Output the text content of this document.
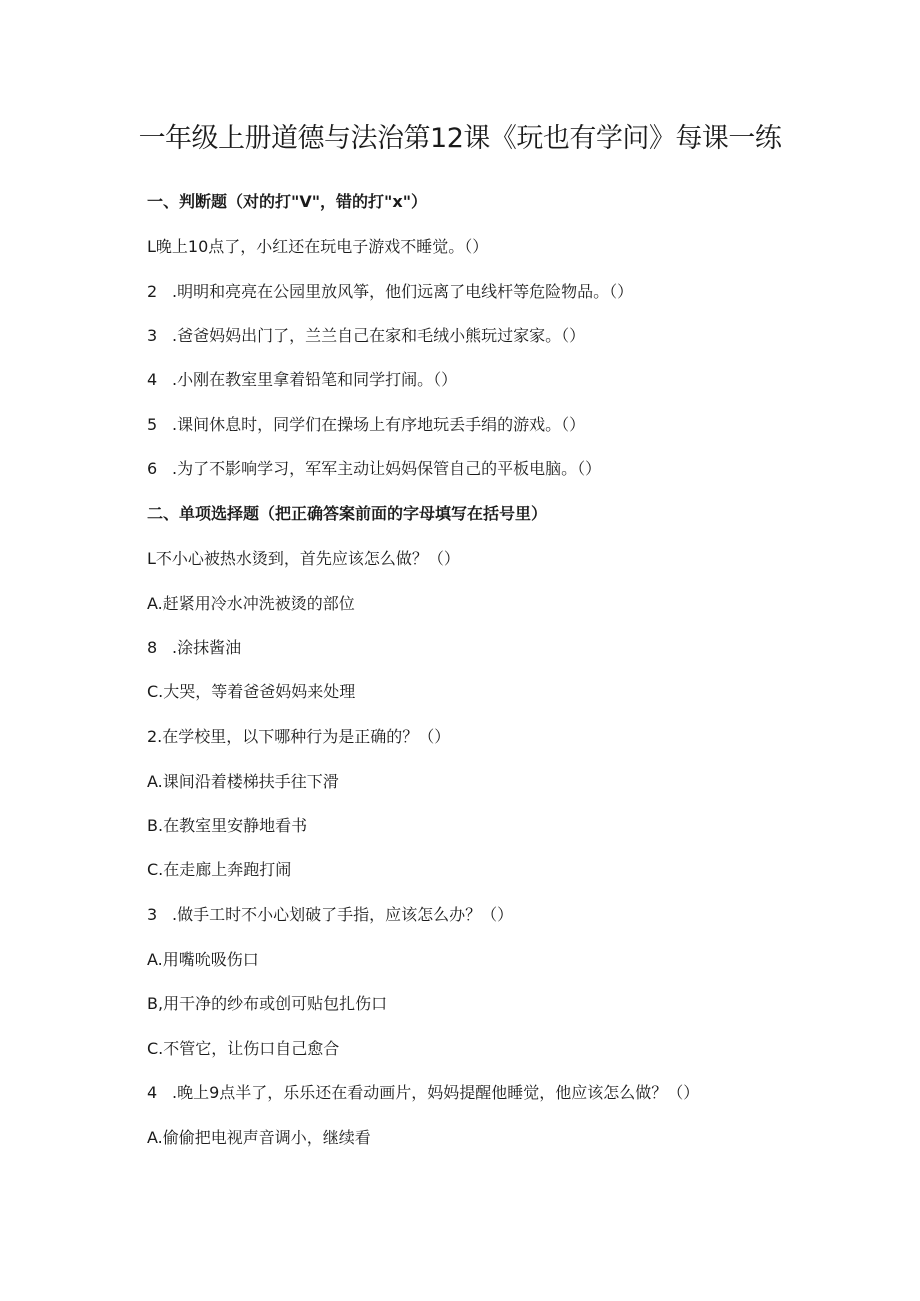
一年级上册道德与法治第12课《玩也有学问》每课一练
一、判断题（对的打"V"，错的打"x"）
L晚上10点了，小红还在玩电子游戏不睡觉。（）
2 .明明和亮亮在公园里放风筝，他们远离了电线杆等危险物品。（）
3 .爸爸妈妈出门了，兰兰自己在家和毛绒小熊玩过家家。（）
4 .小刚在教室里拿着铅笔和同学打闹。（）
5 .课间休息时，同学们在操场上有序地玩丢手绢的游戏。（）
6 .为了不影响学习，军军主动让妈妈保管自己的平板电脑。（）
二、单项选择题（把正确答案前面的字母填写在括号里）
L不小心被热水烫到，首先应该怎么做？（）
A.赶紧用冷水冲洗被烫的部位
8 .涂抹酱油
C.大哭，等着爸爸妈妈来处理
2.在学校里，以下哪种行为是正确的？（）
A.课间沿着楼梯扶手往下滑
B.在教室里安静地看书
C.在走廊上奔跑打闹
3 .做手工时不小心划破了手指，应该怎么办？（）
A.用嘴吮吸伤口
B,用干净的纱布或创可贴包扎伤口
C.不管它，让伤口自己愈合
4 .晚上9点半了，乐乐还在看动画片，妈妈提醒他睡觉，他应该怎么做？（）
A.偷偷把电视声音调小，继续看
